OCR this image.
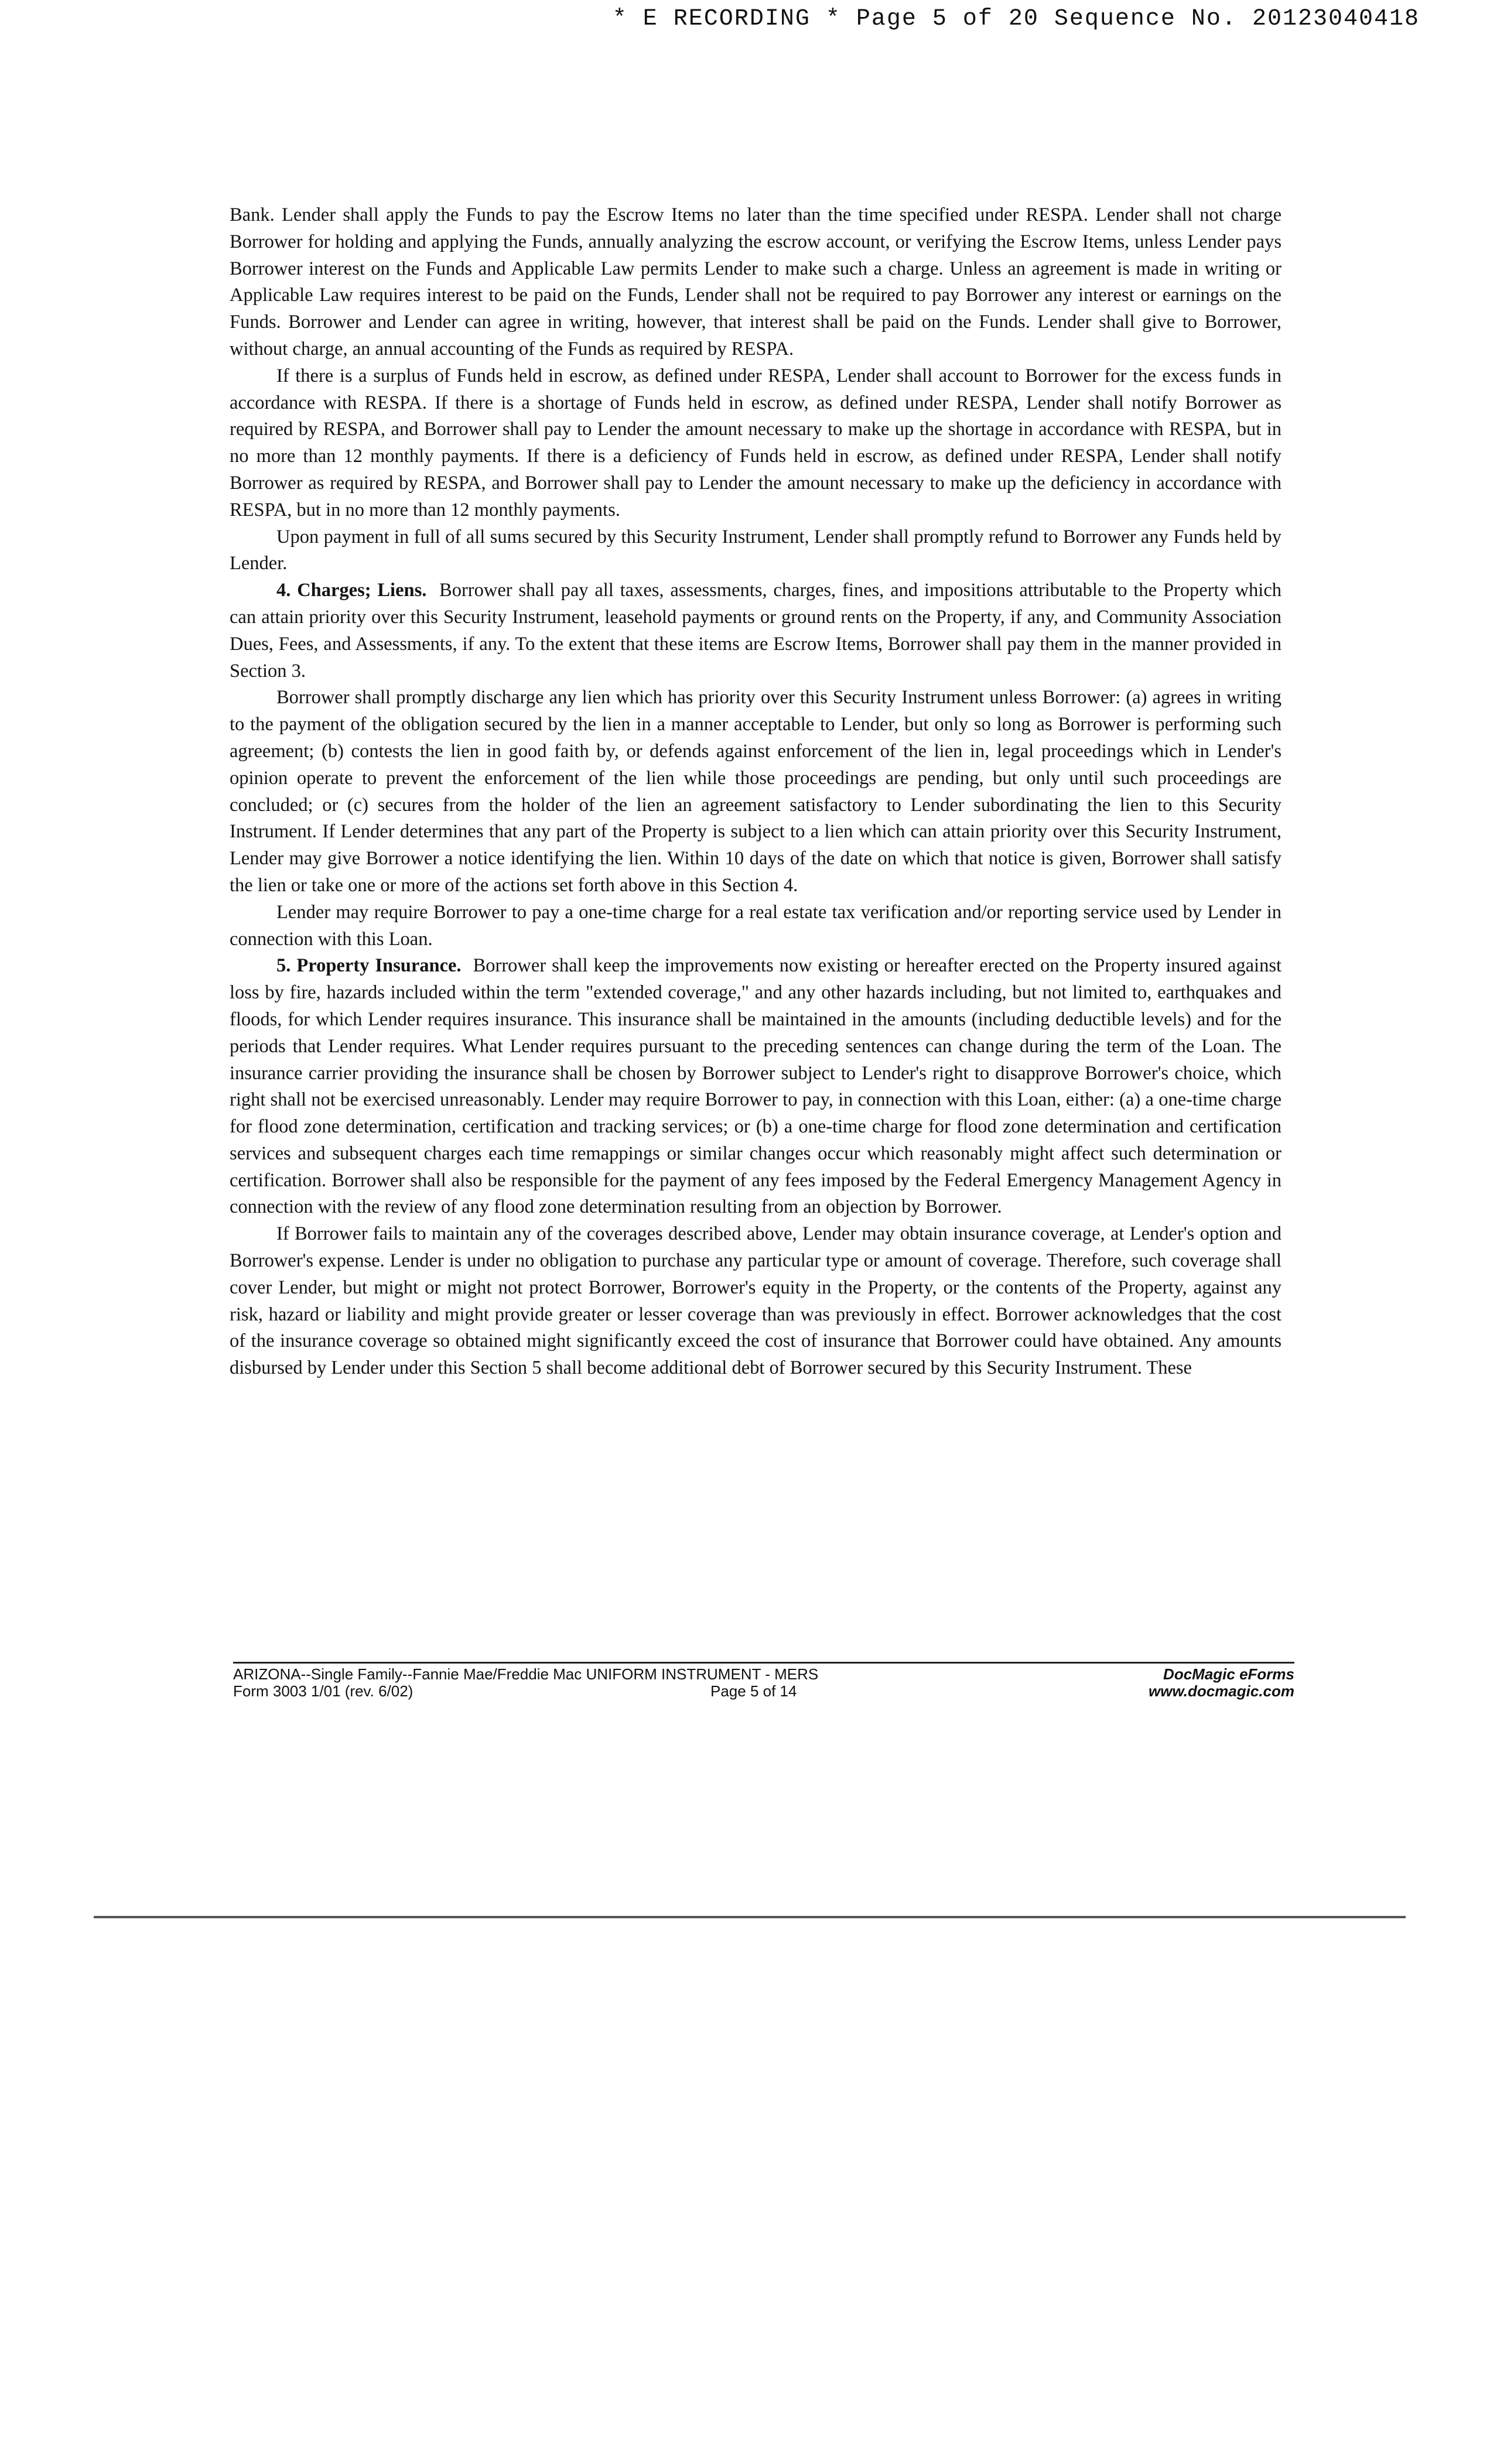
* E RECORDING * Page 5 of 20 Sequence No. 20123040418

Bank. Lender shall apply the Funds to pay the Escrow Items no later than the time specified under RESPA. Lender shall not charge Borrower for holding and applying the Funds, annually analyzing the escrow account, or verifying the Escrow Items, unless Lender pays Borrower interest on the Funds and Applicable Law permits Lender to make such a charge. Unless an agreement is made in writing or Applicable Law requires interest to be paid on the Funds, Lender shall not be required to pay Borrower any interest or earnings on the Funds. Borrower and Lender can agree in writing, however, that interest shall be paid on the Funds. Lender shall give to Borrower, without charge, an annual accounting of the Funds as required by RESPA.

If there is a surplus of Funds held in escrow, as defined under RESPA, Lender shall account to Borrower for the excess funds in accordance with RESPA. If there is a shortage of Funds held in escrow, as defined under RESPA, Lender shall notify Borrower as required by RESPA, and Borrower shall pay to Lender the amount necessary to make up the shortage in accordance with RESPA, but in no more than 12 monthly payments. If there is a deficiency of Funds held in escrow, as defined under RESPA, Lender shall notify Borrower as required by RESPA, and Borrower shall pay to Lender the amount necessary to make up the deficiency in accordance with RESPA, but in no more than 12 monthly payments.

Upon payment in full of all sums secured by this Security Instrument, Lender shall promptly refund to Borrower any Funds held by Lender.

4. Charges; Liens. Borrower shall pay all taxes, assessments, charges, fines, and impositions attributable to the Property which can attain priority over this Security Instrument, leasehold payments or ground rents on the Property, if any, and Community Association Dues, Fees, and Assessments, if any. To the extent that these items are Escrow Items, Borrower shall pay them in the manner provided in Section 3.

Borrower shall promptly discharge any lien which has priority over this Security Instrument unless Borrower: (a) agrees in writing to the payment of the obligation secured by the lien in a manner acceptable to Lender, but only so long as Borrower is performing such agreement; (b) contests the lien in good faith by, or defends against enforcement of the lien in, legal proceedings which in Lender's opinion operate to prevent the enforcement of the lien while those proceedings are pending, but only until such proceedings are concluded; or (c) secures from the holder of the lien an agreement satisfactory to Lender subordinating the lien to this Security Instrument. If Lender determines that any part of the Property is subject to a lien which can attain priority over this Security Instrument, Lender may give Borrower a notice identifying the lien. Within 10 days of the date on which that notice is given, Borrower shall satisfy the lien or take one or more of the actions set forth above in this Section 4.

Lender may require Borrower to pay a one-time charge for a real estate tax verification and/or reporting service used by Lender in connection with this Loan.

5. Property Insurance. Borrower shall keep the improvements now existing or hereafter erected on the Property insured against loss by fire, hazards included within the term "extended coverage," and any other hazards including, but not limited to, earthquakes and floods, for which Lender requires insurance. This insurance shall be maintained in the amounts (including deductible levels) and for the periods that Lender requires. What Lender requires pursuant to the preceding sentences can change during the term of the Loan. The insurance carrier providing the insurance shall be chosen by Borrower subject to Lender's right to disapprove Borrower's choice, which right shall not be exercised unreasonably. Lender may require Borrower to pay, in connection with this Loan, either: (a) a one-time charge for flood zone determination, certification and tracking services; or (b) a one-time charge for flood zone determination and certification services and subsequent charges each time remappings or similar changes occur which reasonably might affect such determination or certification. Borrower shall also be responsible for the payment of any fees imposed by the Federal Emergency Management Agency in connection with the review of any flood zone determination resulting from an objection by Borrower.

If Borrower fails to maintain any of the coverages described above, Lender may obtain insurance coverage, at Lender's option and Borrower's expense. Lender is under no obligation to purchase any particular type or amount of coverage. Therefore, such coverage shall cover Lender, but might or might not protect Borrower, Borrower's equity in the Property, or the contents of the Property, against any risk, hazard or liability and might provide greater or lesser coverage than was previously in effect. Borrower acknowledges that the cost of the insurance coverage so obtained might significantly exceed the cost of insurance that Borrower could have obtained. Any amounts disbursed by Lender under this Section 5 shall become additional debt of Borrower secured by this Security Instrument. These

ARIZONA--Single Family--Fannie Mae/Freddie Mac UNIFORM INSTRUMENT - MERS	DocMagic eForms
Form 3003 1/01 (rev. 6/02)	Page 5 of 14	www.docmagic.com
